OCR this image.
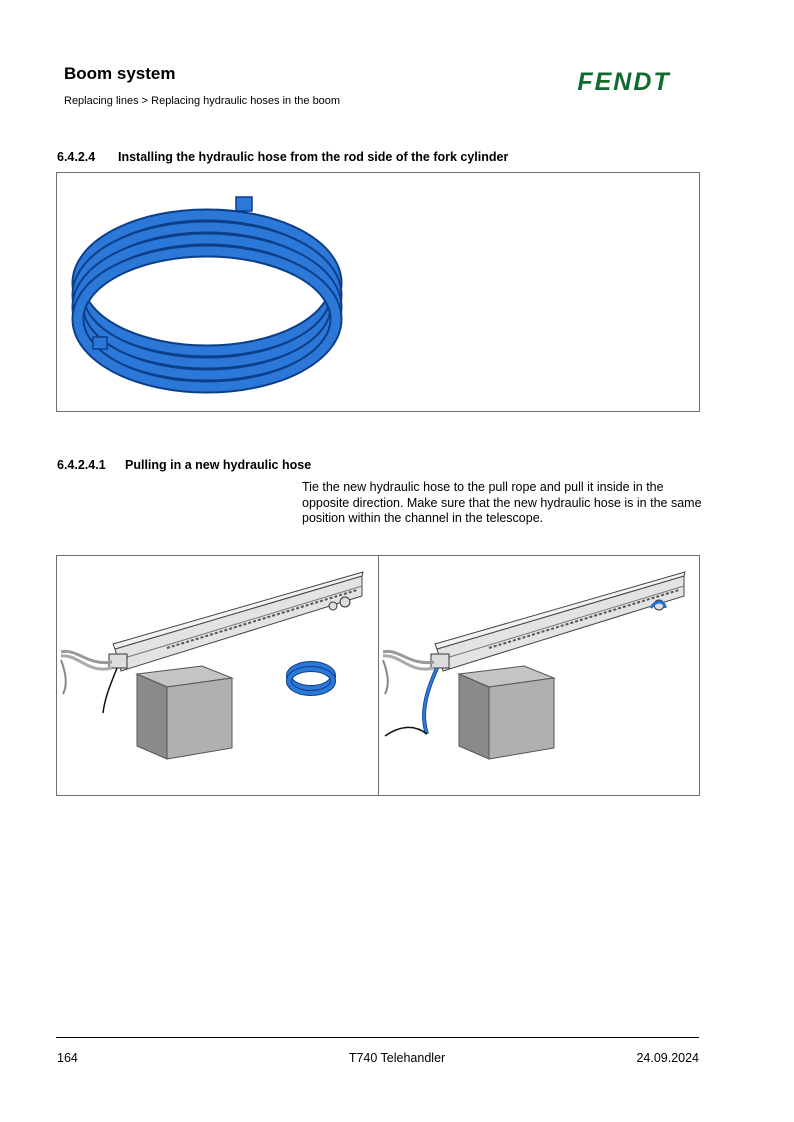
Boom system
Replacing lines > Replacing hydraulic hoses in the boom
FENDT
6.4.2.4 Installing the hydraulic hose from the rod side of the fork cylinder
6.4.2.4.1 Pulling in a new hydraulic hose
Tie the new hydraulic hose to the pull rope and pull it inside in the opposite direction. Make sure that the new hydraulic hose is in the same position within the channel in the telescope.
164	T740 Telehandler	24.09.2024
